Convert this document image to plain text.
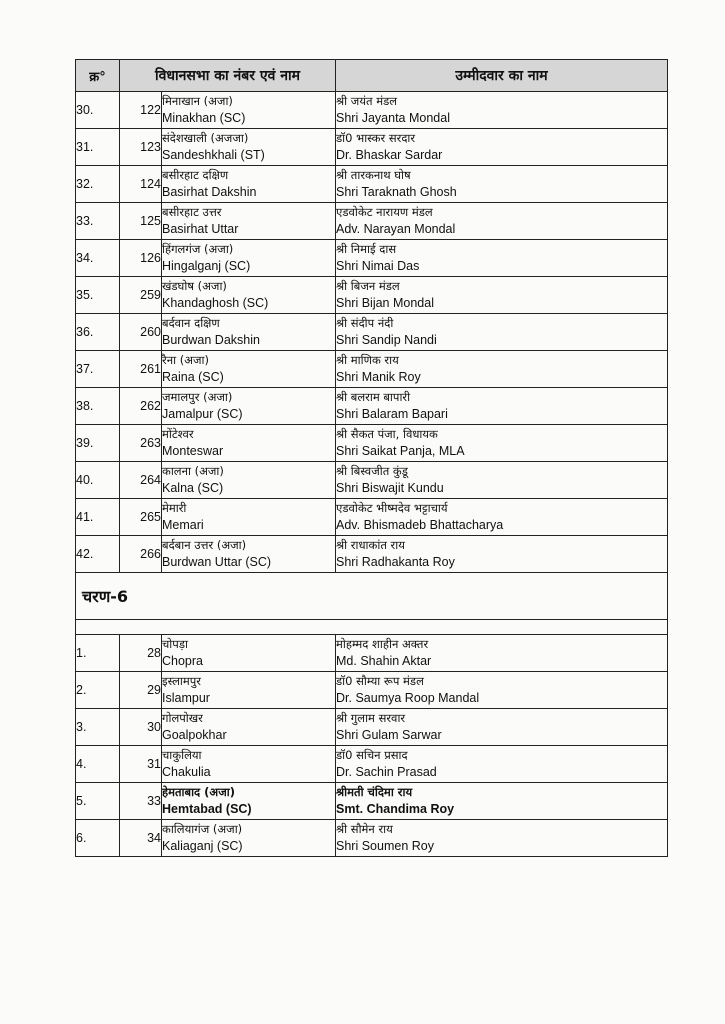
क्र°	विधानसभा का नंबर एवं नाम		उम्मीदवार का नाम
30.	122	मिनाखान (अजा)
Minakhan (SC)	श्री जयंत मंडल
Shri Jayanta Mondal

31.	123	संदेशखाली (अजजा)
Sandeshkhali (ST)	डॉ0 भास्कर सरदार
Dr. Bhaskar Sardar

32.	124	बसीरहाट दक्षिण
Basirhat Dakshin	श्री तारकनाथ घोष
Shri Taraknath Ghosh

33.	125	बसीरहाट उत्तर
Basirhat Uttar	एडवोकेट नारायण मंडल
Adv. Narayan Mondal

34.	126	हिंगलगंज (अजा)
Hingalganj (SC)	श्री निमाई दास
Shri Nimai Das

35.	259	खंडघोष (अजा)
Khandaghosh (SC)	श्री बिजन मंडल
Shri Bijan Mondal

36.	260	बर्दवान दक्षिण
Burdwan Dakshin	श्री संदीप नंदी
Shri Sandip Nandi

37.	261	रैना (अजा)
Raina (SC)	श्री माणिक राय
Shri Manik Roy

38.	262	जमालपुर (अजा)
Jamalpur (SC)	श्री बलराम बापारी
Shri Balaram Bapari

39.	263	मोंटेश्वर
Monteswar	श्री सैकत पंजा, विधायक
Shri Saikat Panja, MLA

40.	264	कालना (अजा)
Kalna (SC)	श्री बिस्वजीत कुंडू
Shri Biswajit Kundu

41.	265	मेमारी
Memari	एडवोकेट भीष्मदेव भट्टाचार्य
Adv. Bhismadeb Bhattacharya

42.	266	बर्दबान उत्तर (अजा)
Burdwan Uttar (SC)	श्री राधाकांत राय
Shri Radhakanta Roy

चरण-6			

1.	28	चोपड़ा
Chopra	मोहम्मद शाहीन अक्तर
Md. Shahin Aktar

2.	29	इस्लामपुर
Islampur	डॉ0 सौम्या रूप मंडल
Dr. Saumya Roop Mandal

3.	30	गोलपोखर
Goalpokhar	श्री गुलाम सरवार
Shri Gulam Sarwar

4.	31	चाकुलिया
Chakulia	डॉ0 सचिन प्रसाद
Dr. Sachin Prasad

5.	33	हेमताबाद (अजा)
Hemtabad (SC)	श्रीमती चंदिमा राय
Smt. Chandima Roy

6.	34	कालियागंज (अजा)
Kaliaganj (SC)	श्री सौमेन राय
Shri Soumen Roy
